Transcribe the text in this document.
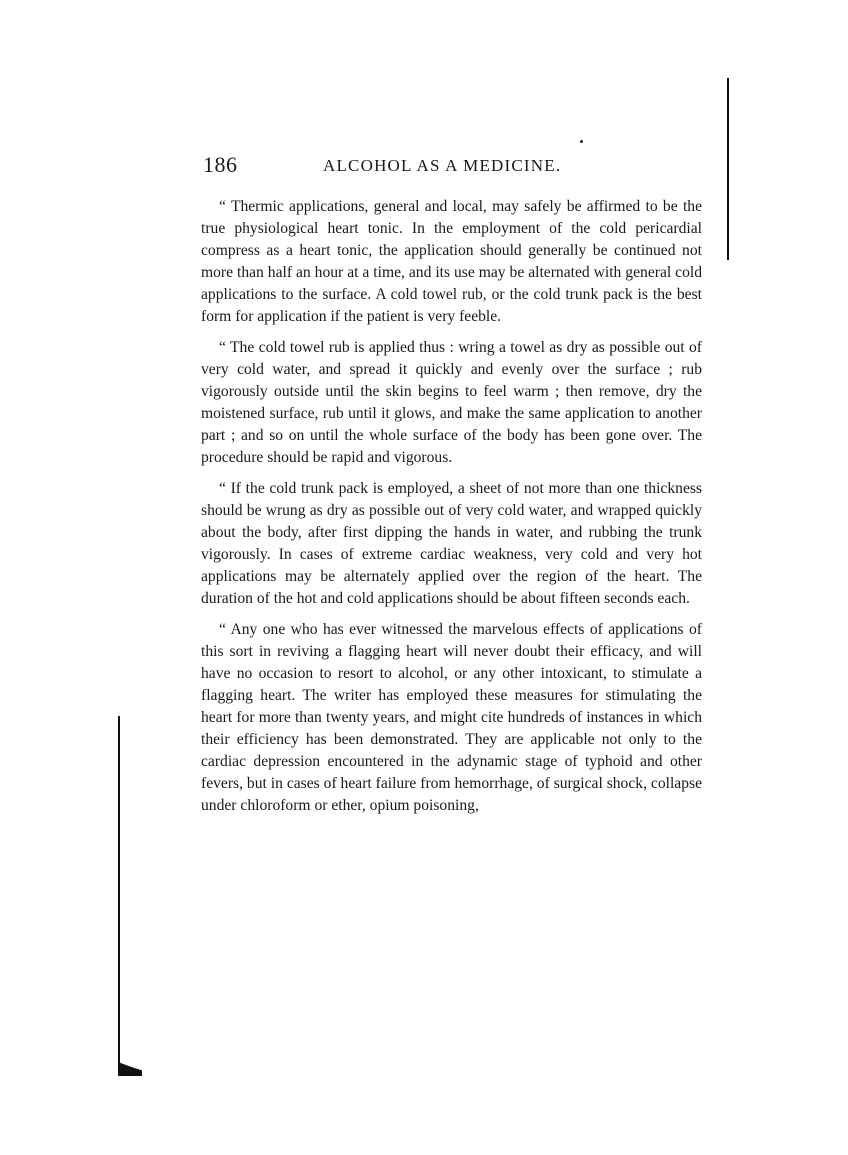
186	ALCOHOL AS A MEDICINE.

“ Thermic applications, general and local, may safely be affirmed to be the true physiological heart tonic. In the employment of the cold pericardial compress as a heart tonic, the application should generally be continued not more than half an hour at a time, and its use may be alternated with general cold applications to the surface. A cold towel rub, or the cold trunk pack is the best form for application if the patient is very feeble.

“ The cold towel rub is applied thus : wring a towel as dry as possible out of very cold water, and spread it quickly and evenly over the surface ; rub vigorously outside until the skin begins to feel warm ; then remove, dry the moistened surface, rub until it glows, and make the same application to another part ; and so on until the whole surface of the body has been gone over. The procedure should be rapid and vigorous.

“ If the cold trunk pack is employed, a sheet of not more than one thickness should be wrung as dry as possible out of very cold water, and wrapped quickly about the body, after first dipping the hands in water, and rubbing the trunk vigorously. In cases of extreme cardiac weakness, very cold and very hot applications may be alternately applied over the region of the heart. The duration of the hot and cold applications should be about fifteen seconds each.

“ Any one who has ever witnessed the marvelous effects of applications of this sort in reviving a flagging heart will never doubt their efficacy, and will have no occasion to resort to alcohol, or any other intoxicant, to stimulate a flagging heart. The writer has employed these measures for stimulating the heart for more than twenty years, and might cite hundreds of instances in which their efficiency has been demonstrated. They are applicable not only to the cardiac depression encountered in the adynamic stage of typhoid and other fevers, but in cases of heart failure from hemorrhage, of surgical shock, collapse under chloroform or ether, opium poisoning,
